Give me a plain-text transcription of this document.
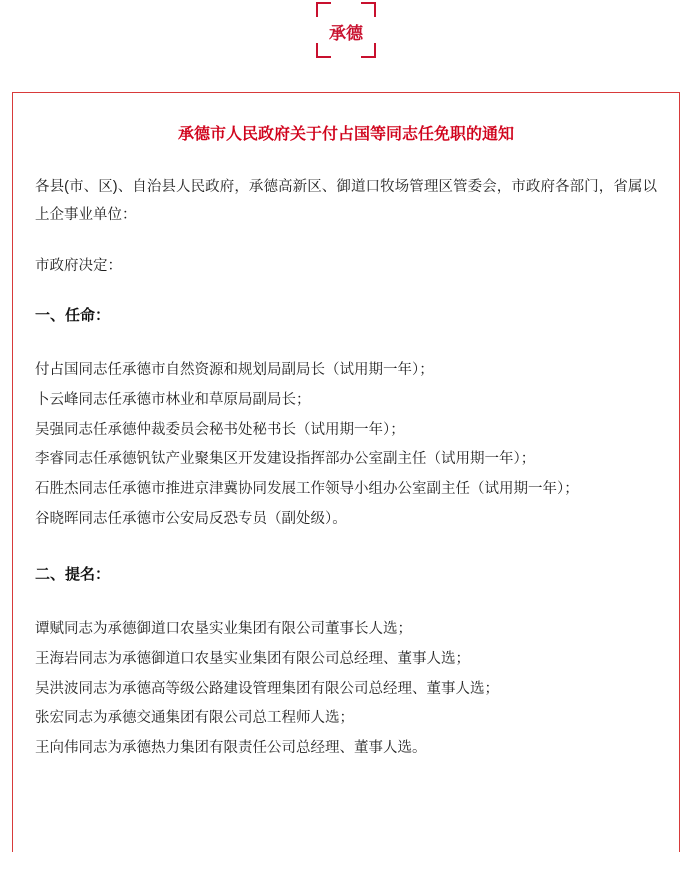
承德
承德市人民政府关于付占国等同志任免职的通知

各县(市、区)、自治县人民政府，承德高新区、御道口牧场管理区管委会，市政府各部门，省属以上企事业单位：

市政府决定：

一、任命：
付占国同志任承德市自然资源和规划局副局长（试用期一年）；
卜云峰同志任承德市林业和草原局副局长；
吴强同志任承德仲裁委员会秘书处秘书长（试用期一年）；
李睿同志任承德钒钛产业聚集区开发建设指挥部办公室副主任（试用期一年）；
石胜杰同志任承德市推进京津冀协同发展工作领导小组办公室副主任（试用期一年）；
谷晓晖同志任承德市公安局反恐专员（副处级）。
二、提名：
谭赋同志为承德御道口农垦实业集团有限公司董事长人选；
王海岩同志为承德御道口农垦实业集团有限公司总经理、董事人选；
吴洪波同志为承德高等级公路建设管理集团有限公司总经理、董事人选；
张宏同志为承德交通集团有限公司总工程师人选；
王向伟同志为承德热力集团有限责任公司总经理、董事人选。
